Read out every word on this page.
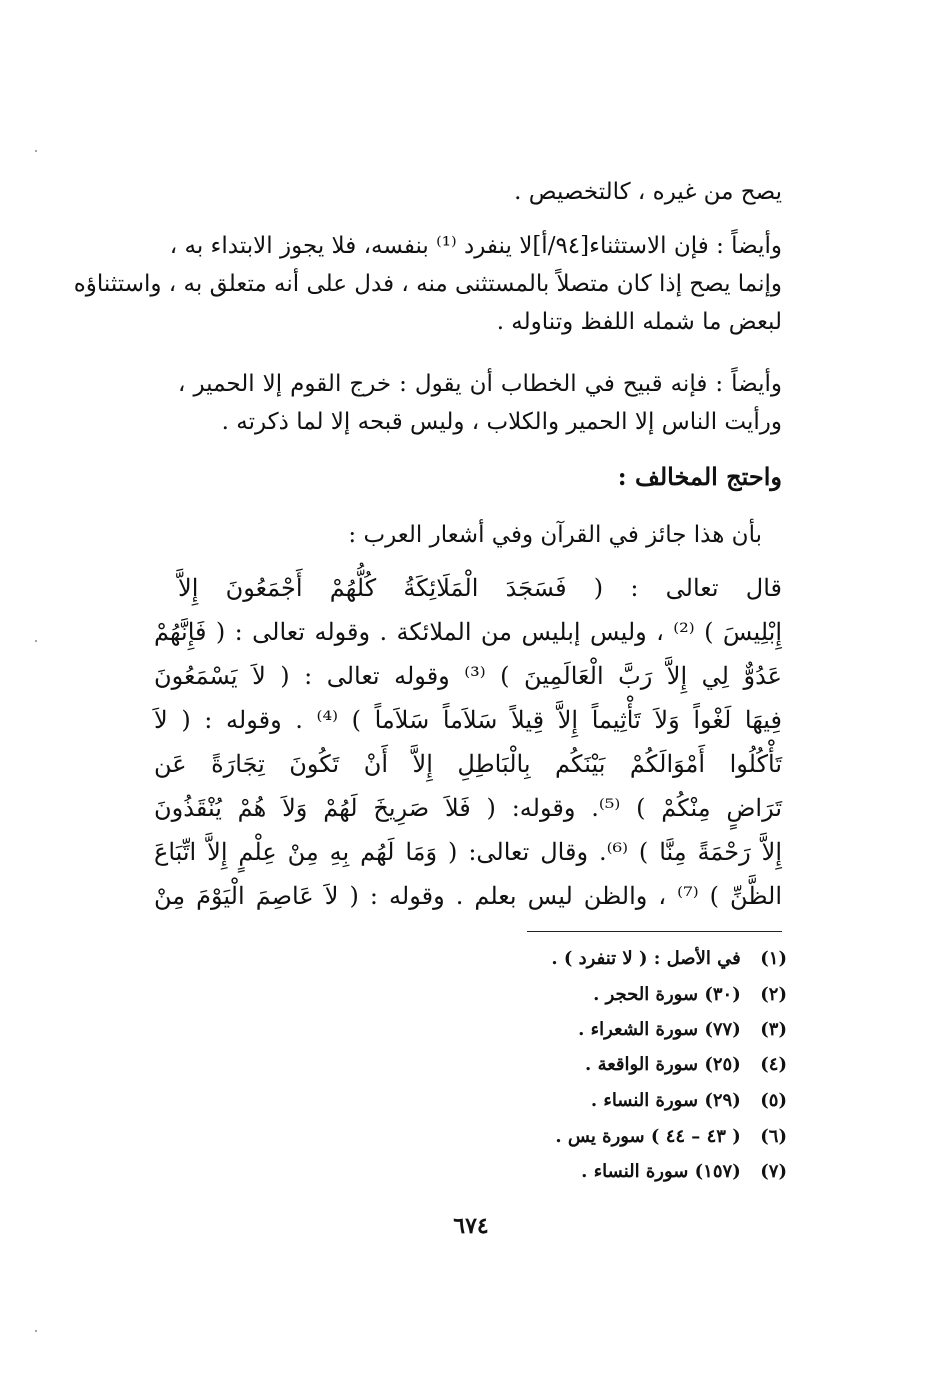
يصح من غيره ، كالتخصيص .
وأيضاً : فإن الاستثناء[٩٤/أ]لا ينفرد ⁽¹⁾ بنفسه، فلا يجوز الابتداء به ،
وإنما يصح إذا كان متصلاً بالمستثنى منه ، فدل على أنه متعلق به ، واستثناؤه
لبعض ما شمله اللفظ وتناوله .
وأيضاً : فإنه قبيح في الخطاب أن يقول : خرج القوم إلا الحمير ،
ورأيت الناس إلا الحمير والكلاب ، وليس قبحه إلا لما ذكرته .
واحتج المخالف :
بأن هذا جائز في القرآن وفي أشعار العرب :
قال تعالى : ( فَسَجَدَ الْمَلَائِكَةُ كُلُّهُمْ أَجْمَعُونَ إِلاَّ
إِبْلِيسَ ) ⁽²⁾ ، وليس إبليس من الملائكة . وقوله تعالى : ( فَإِنَّهُمْ
عَدُوٌّ لِي إِلاَّ رَبَّ الْعَالَمِينَ ) ⁽³⁾ وقوله تعالى : ( لاَ يَسْمَعُونَ
فِيهَا لَغْواً وَلاَ تَأْثِيماً إِلاَّ قِيلاً سَلاَماً سَلاَماً ) ⁽⁴⁾ . وقوله : ( لاَ
تَأْكُلُوا أَمْوَالَكُمْ بَيْنَكُم بِالْبَاطِلِ إِلاَّ أَنْ تَكُونَ تِجَارَةً عَن
تَرَاضٍ مِنْكُمْ ) ⁽⁵⁾. وقوله: ( فَلاَ صَرِيخَ لَهُمْ وَلاَ هُمْ يُنْقَذُونَ
إِلاَّ رَحْمَةً مِنَّا ) ⁽⁶⁾. وقال تعالى: ( وَمَا لَهُم بِهِ مِنْ عِلْمٍ إِلاَّ اتِّبَاعَ
الظَّنِّ ) ⁽⁷⁾ ، والظن ليس بعلم . وقوله : ( لاَ عَاصِمَ الْيَوْمَ مِنْ
(١) في الأصل : ( لا تنفرد ) .
(٢) (٣٠) سورة الحجر .
(٣) (٧٧) سورة الشعراء .
(٤) (٢٥) سورة الواقعة .
(٥) (٢٩) سورة النساء .
(٦) ( ٤٣ – ٤٤ ) سورة يس .
(٧) (١٥٧) سورة النساء .
٦٧٤
